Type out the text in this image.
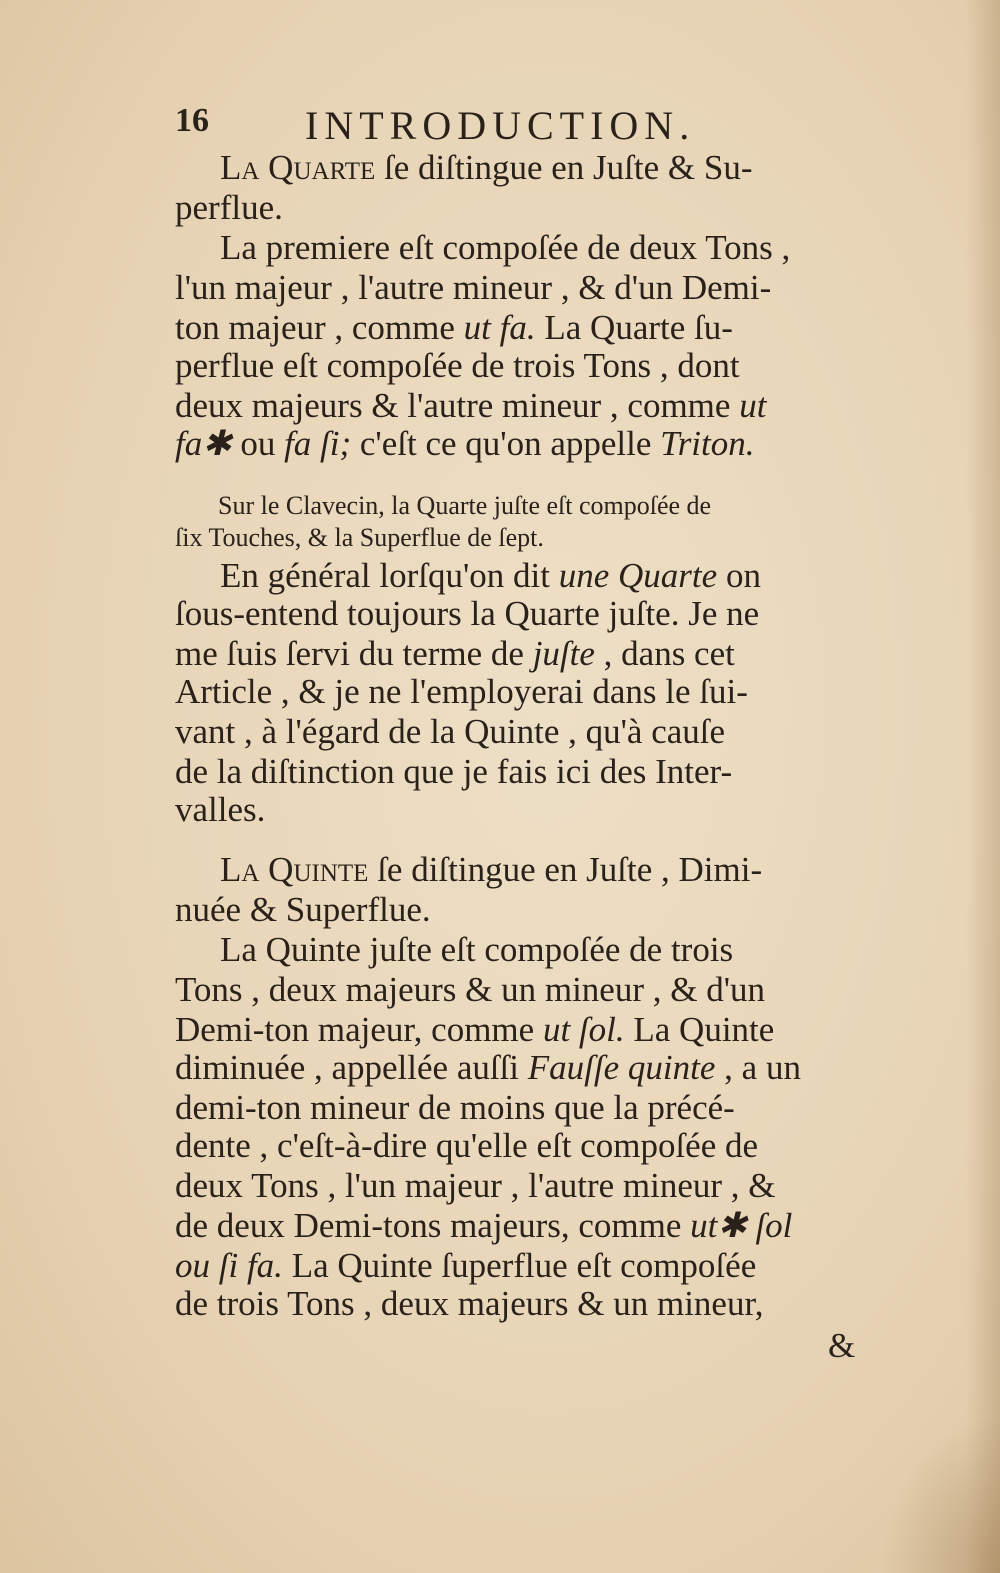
16 INTRODUCTION.
La Quarte ſe diſtingue en Juſte & Su-
perflue.
La premiere eſt compoſée de deux Tons ,
l'un majeur , l'autre mineur , & d'un Demi-
ton majeur , comme ut fa. La Quarte ſu-
perflue eſt compoſée de trois Tons , dont
deux majeurs & l'autre mineur , comme ut
fa✱ ou fa ſi; c'eſt ce qu'on appelle Triton.
Sur le Clavecin, la Quarte juſte eſt compoſée de
ſix Touches, & la Superflue de ſept.
En général lorſqu'on dit une Quarte on
ſous-entend toujours la Quarte juſte. Je ne
me ſuis ſervi du terme de juſte , dans cet
Article , & je ne l'employerai dans le ſui-
vant , à l'égard de la Quinte , qu'à cauſe
de la diſtinction que je fais ici des Inter-
valles.
La Quinte ſe diſtingue en Juſte , Dimi-
nuée & Superflue.
La Quinte juſte eſt compoſée de trois
Tons , deux majeurs & un mineur , & d'un
Demi-ton majeur, comme ut ſol. La Quinte
diminuée , appellée auſſi Fauſſe quinte , a un
demi-ton mineur de moins que la précé-
dente , c'eſt-à-dire qu'elle eſt compoſée de
deux Tons , l'un majeur , l'autre mineur , &
de deux Demi-tons majeurs, comme ut✱ ſol
ou ſi fa. La Quinte ſuperflue eſt compoſée
de trois Tons , deux majeurs & un mineur,
&
